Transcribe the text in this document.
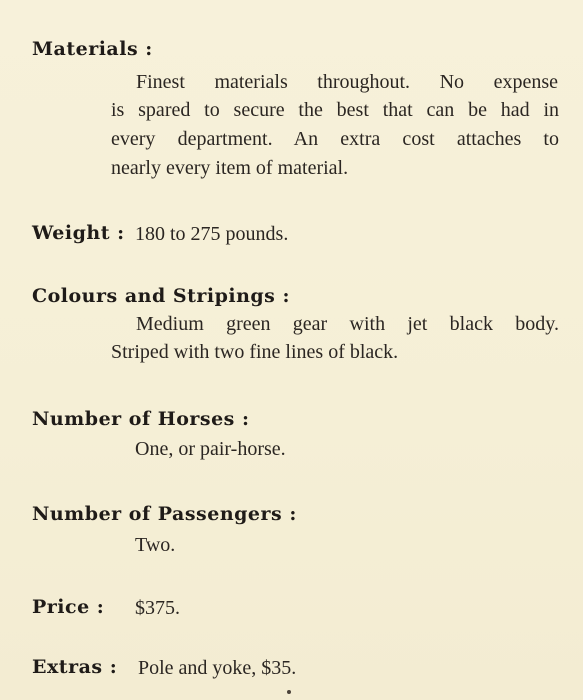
Materials :
Finest materials throughout. No expense
is spared to secure the best that can be had in
every department. An extra cost attaches to
nearly every item of material.
Weight : 180 to 275 pounds.
Colours and Stripings :
Medium green gear with jet black body.
Striped with two fine lines of black.
Number of Horses :
One, or pair-horse.
Number of Passengers :
Two.
Price : $375.
Extras : Pole and yoke, $35.
